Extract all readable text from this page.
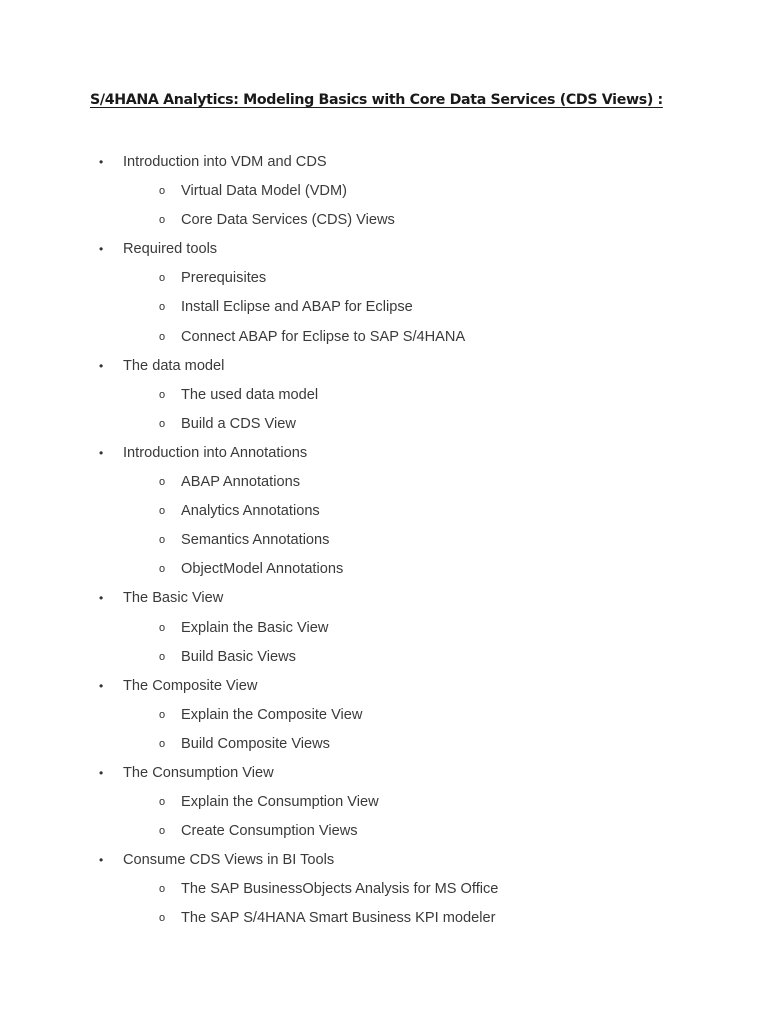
S/4HANA Analytics: Modeling Basics with Core Data Services (CDS Views) :
• Introduction into VDM and CDS
o Virtual Data Model (VDM)
o Core Data Services (CDS) Views
• Required tools
o Prerequisites
o Install Eclipse and ABAP for Eclipse
o Connect ABAP for Eclipse to SAP S/4HANA
• The data model
o The used data model
o Build a CDS View
• Introduction into Annotations
o ABAP Annotations
o Analytics Annotations
o Semantics Annotations
o ObjectModel Annotations
• The Basic View
o Explain the Basic View
o Build Basic Views
• The Composite View
o Explain the Composite View
o Build Composite Views
• The Consumption View
o Explain the Consumption View
o Create Consumption Views
• Consume CDS Views in BI Tools
o The SAP BusinessObjects Analysis for MS Office
o The SAP S/4HANA Smart Business KPI modeler
